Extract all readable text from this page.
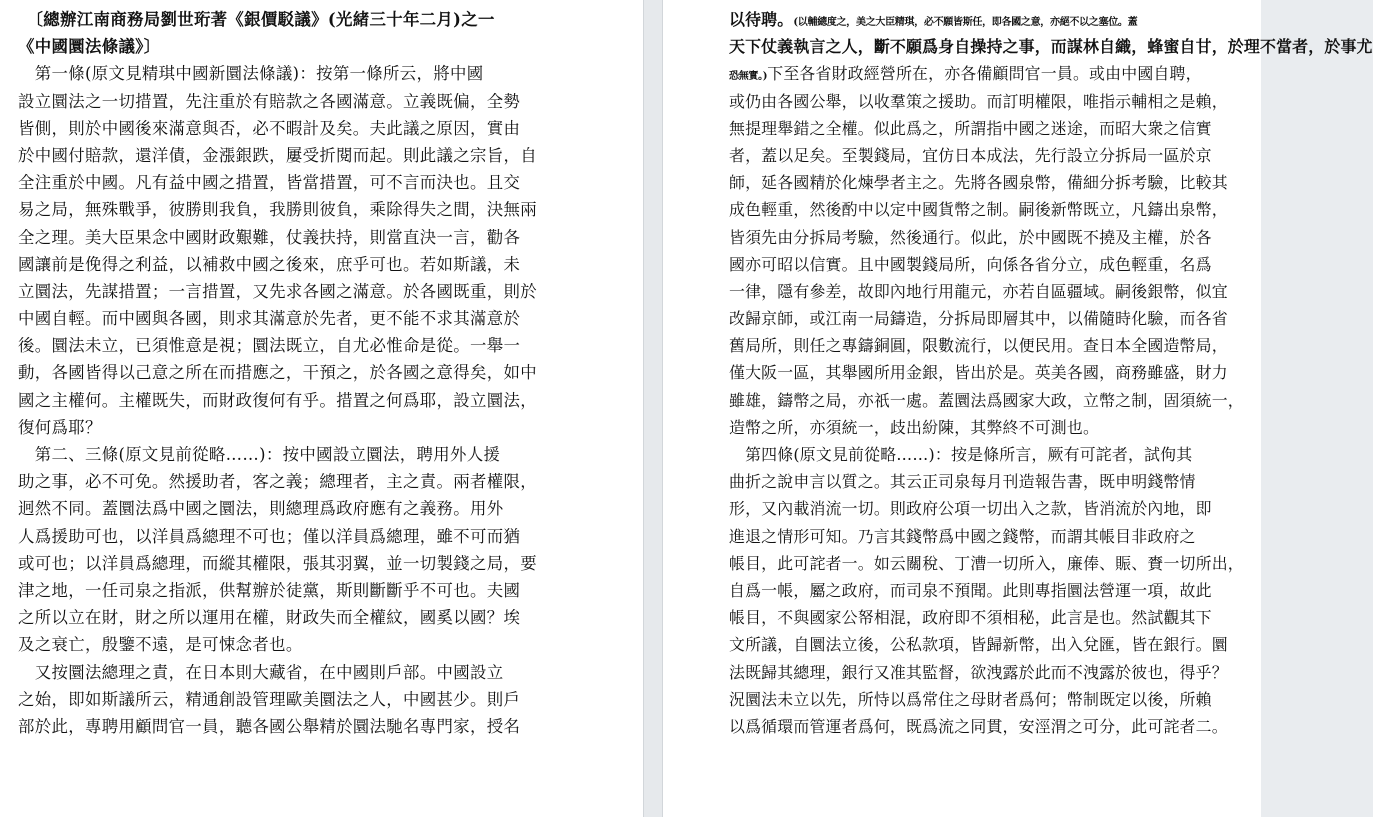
　〔總辦江南商務局劉世珩著《銀價駁議》(光緒三十年二月)之一
《中國圜法條議》〕
　第一條(原文見精琪中國新圜法條議)：按第一條所云，將中國
設立圜法之一切措置，先注重於有賠款之各國滿意。立義既偏，全勢
皆側，則於中國後來滿意與否，必不暇計及矣。夫此議之原因，實由
於中國付賠款，還洋債，金漲銀跌，屢受折閱而起。則此議之宗旨，自
全注重於中國。凡有益中國之措置，皆當措置，可不言而決也。且交
易之局，無殊戰爭，彼勝則我負，我勝則彼負，乘除得失之間，決無兩
全之理。美大臣果念中國財政艱難，仗義扶持，則當直決一言，勸各
國讓前是俛得之利益，以補救中國之後來，庶乎可也。若如斯議，未
立圜法，先謀措置；一言措置，又先求各國之滿意。於各國既重，則於
中國自輕。而中國與各國，則求其滿意於先者，更不能不求其滿意於
後。圜法未立，已須惟意是視；圜法既立，自尤必惟命是從。一舉一
動，各國皆得以己意之所在而措應之，干預之，於各國之意得矣，如中
國之主權何。主權既失，而財政復何有乎。措置之何爲耶，設立圜法，
復何爲耶？
　第二、三條(原文見前從略……)：按中國設立圜法，聘用外人援
助之事，必不可免。然援助者，客之義；總理者，主之責。兩者權限，
迥然不同。蓋圜法爲中國之圜法，則總理爲政府應有之義務。用外
人爲援助可也，以洋員爲總理不可也；僅以洋員爲總理，雖不可而猶
或可也；以洋員爲總理，而縱其權限，張其羽翼，並一切製錢之局，要
津之地，一任司泉之指派，供幫辦於徒黨，斯則斷斷乎不可也。夫國
之所以立在財，財之所以運用在權，財政失而全權紋，國奚以國？埃
及之衰亡，殷鑒不遠，是可悚念者也。
　又按圜法總理之責，在日本則大藏省，在中國則戶部。中國設立
之始，即如斯議所云，精通創設管理歐美圜法之人，中國甚少。則戶
部於此，專聘用顧問官一員，聽各國公舉精於圜法馳名專門家，授名
以待聘。(以輔總度之，美之大臣精琪，必不願皆斯任，即各國之意，亦絕不以之塞位。蓋
天下仗義執言之人，斷不願爲身自操持之事，而謀林自織，蜂蜜自甘，於理不當者，於事尤
恐無實。)下至各省財政經營所在，亦各備顧問官一員。或由中國自聘，
或仍由各國公舉，以收羣策之援助。而訂明權限，唯指示輔相之是賴，
無提理舉錯之全權。似此爲之，所謂指中國之迷途，而昭大衆之信實
者，蓋以足矣。至製錢局，宜仿日本成法，先行設立分拆局一區於京
師，延各國精於化煉學者主之。先將各國泉幣，備細分拆考驗，比較其
成色輕重，然後酌中以定中國貨幣之制。嗣後新幣既立，凡鑄出泉幣，
皆須先由分拆局考驗，然後通行。似此，於中國既不撓及主權，於各
國亦可昭以信實。且中國製錢局所，向係各省分立，成色輕重，名爲
一律，隱有參差，故即內地行用龍元，亦若自區疆域。嗣後銀幣，似宜
改歸京師，或江南一局鑄造，分拆局即層其中，以備隨時化驗，而各省
舊局所，則任之專鑄銅圓，限數流行，以便民用。查日本全國造幣局，
僅大阪一區，其舉國所用金銀，皆出於是。英美各國，商務雖盛，財力
雖雄，鑄幣之局，亦祇一處。蓋圜法爲國家大政，立幣之制，固須統一，
造幣之所，亦須統一，歧出紛陳，其弊終不可測也。
　第四條(原文見前從略……)：按是條所言，厥有可詫者，試佝其
曲折之說申言以質之。其云正司泉每月刊造報告書，既申明錢幣情
形，又內載消流一切。則政府公項一切出入之款，皆消流於內地，即
進退之情形可知。乃言其錢幣爲中國之錢幣，而謂其帳目非政府之
帳目，此可詫者一。如云關稅、丁漕一切所入，廉俸、賑、賚一切所出，
自爲一帳，屬之政府，而司泉不預聞。此則專指圜法營運一項，故此
帳目，不與國家公帑相混，政府即不須相秘，此言是也。然試觀其下
文所議，自圜法立後，公私款項，皆歸新幣，出入兌匯，皆在銀行。圜
法既歸其總理，銀行又准其監督，欲洩露於此而不洩露於彼也，得乎？
況圜法未立以先，所恃以爲常住之母財者爲何；幣制既定以後，所賴
以爲循環而管運者爲何，既爲流之同貫，安涇渭之可分，此可詫者二。
